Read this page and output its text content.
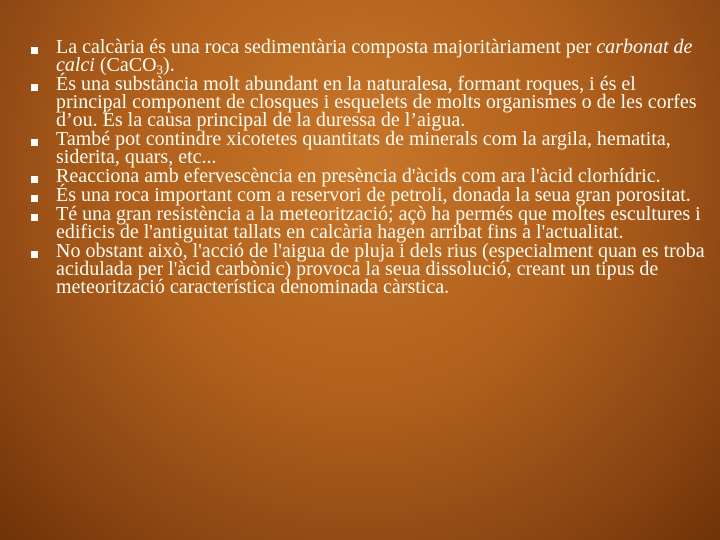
La calcària és una roca sedimentària composta majoritàriament per carbonat de calci (CaCO$_3$).
És una substància molt abundant en la naturalesa, formant roques, i és el principal component de closques i esquelets de molts organismes o de les corfes d’ou. És la causa principal de la duressa de l’aigua.
També pot contindre xicotetes quantitats de minerals com la argila, hematita, siderita, quars, etc...
Reacciona amb efervescència en presència d'àcids com ara l'àcid clorhídric.
És una roca important com a reservori de petroli, donada la seua gran porositat.
Té una gran resistència a la meteorització; açò ha permés que moltes escultures i edificis de l'antiguitat tallats en calcària hagen arribat fins a l'actualitat.
No obstant això, l'acció de l'aigua de pluja i dels rius (especialment quan es troba acidulada per l'àcid carbònic) provoca la seua dissolució, creant un tipus de meteorització característica denominada càrstica.
